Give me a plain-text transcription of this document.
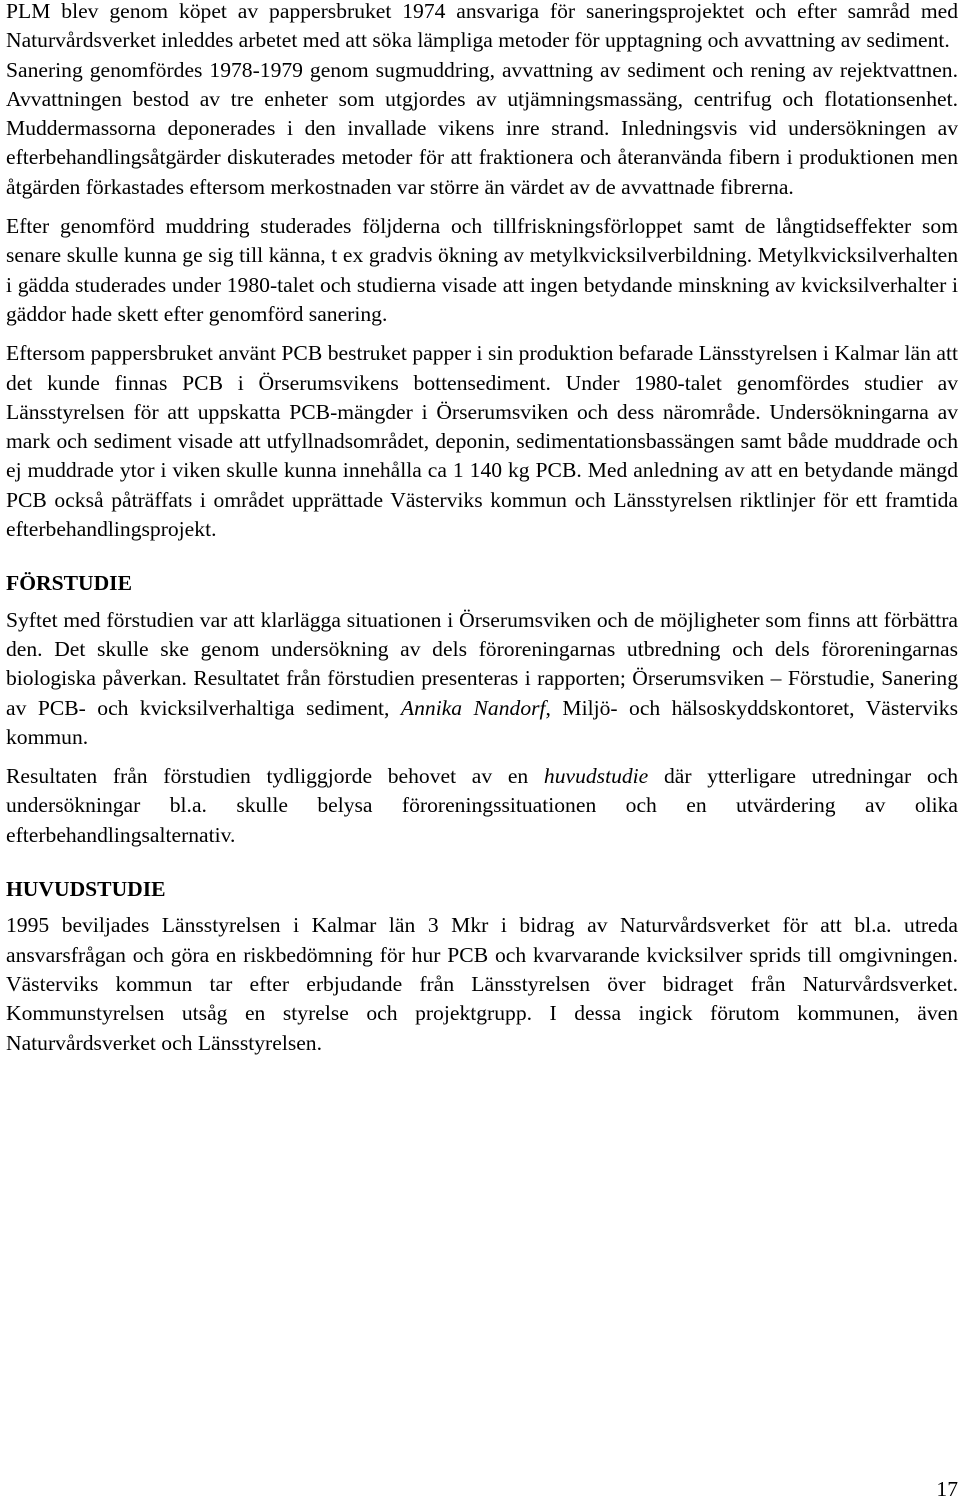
PLM blev genom köpet av pappersbruket 1974 ansvariga för saneringsprojektet och efter samråd med Naturvårdsverket inleddes arbetet med att söka lämpliga metoder för upptagning och avvattning av sediment.

Sanering genomfördes 1978-1979 genom sugmuddring, avvattning av sediment och rening av rejektvattnen. Avvattningen bestod av tre enheter som utgjordes av utjämningsmassäng, centrifug och flotationsenhet. Muddermassorna deponerades i den invallade vikens inre strand. Inledningsvis vid undersökningen av efterbehandlingsåtgärder diskuterades metoder för att fraktionera och återanvända fibern i produktionen men åtgärden förkastades eftersom merkostnaden var större än värdet av de avvattnade fibrerna.

Efter genomförd muddring studerades följderna och tillfriskningsförloppet samt de långtidseffekter som senare skulle kunna ge sig till känna, t ex gradvis ökning av metylkvicksilverbildning. Metylkvicksilverhalten i gädda studerades under 1980-talet och studierna visade att ingen betydande minskning av kvicksilverhalter i gäddor hade skett efter genomförd sanering.

Eftersom pappersbruket använt PCB bestruket papper i sin produktion befarade Länsstyrelsen i Kalmar län att det kunde finnas PCB i Örserumsvikens bottensediment. Under 1980-talet genomfördes studier av Länsstyrelsen för att uppskatta PCB-mängder i Örserumsviken och dess närområde. Undersökningarna av mark och sediment visade att utfyllnadsområdet, deponin, sedimentationsbassängen samt både muddrade och ej muddrade ytor i viken skulle kunna innehålla ca 1 140 kg PCB. Med anledning av att en betydande mängd PCB också påträffats i området upprättade Västerviks kommun och Länsstyrelsen riktlinjer för ett framtida efterbehandlingsprojekt.

FÖRSTUDIE

Syftet med förstudien var att klarlägga situationen i Örserumsviken och de möjligheter som finns att förbättra den. Det skulle ske genom undersökning av dels föroreningarnas utbredning och dels föroreningarnas biologiska påverkan. Resultatet från förstudien presenteras i rapporten; Örserumsviken – Förstudie, Sanering av PCB- och kvicksilverhaltiga sediment, Annika Nandorf, Miljö- och hälsoskyddskontoret, Västerviks kommun.

Resultaten från förstudien tydliggjorde behovet av en huvudstudie där ytterligare utredningar och undersökningar bl.a. skulle belysa föroreningssituationen och en utvärdering av olika efterbehandlingsalternativ.

HUVUDSTUDIE

1995 beviljades Länsstyrelsen i Kalmar län 3 Mkr i bidrag av Naturvårdsverket för att bl.a. utreda ansvarsfrågan och göra en riskbedömning för hur PCB och kvarvarande kvicksilver sprids till omgivningen. Västerviks kommun tar efter erbjudande från Länsstyrelsen över bidraget från Naturvårdsverket. Kommunstyrelsen utsåg en styrelse och projektgrupp. I dessa ingick förutom kommunen, även Naturvårdsverket och Länsstyrelsen.

17
